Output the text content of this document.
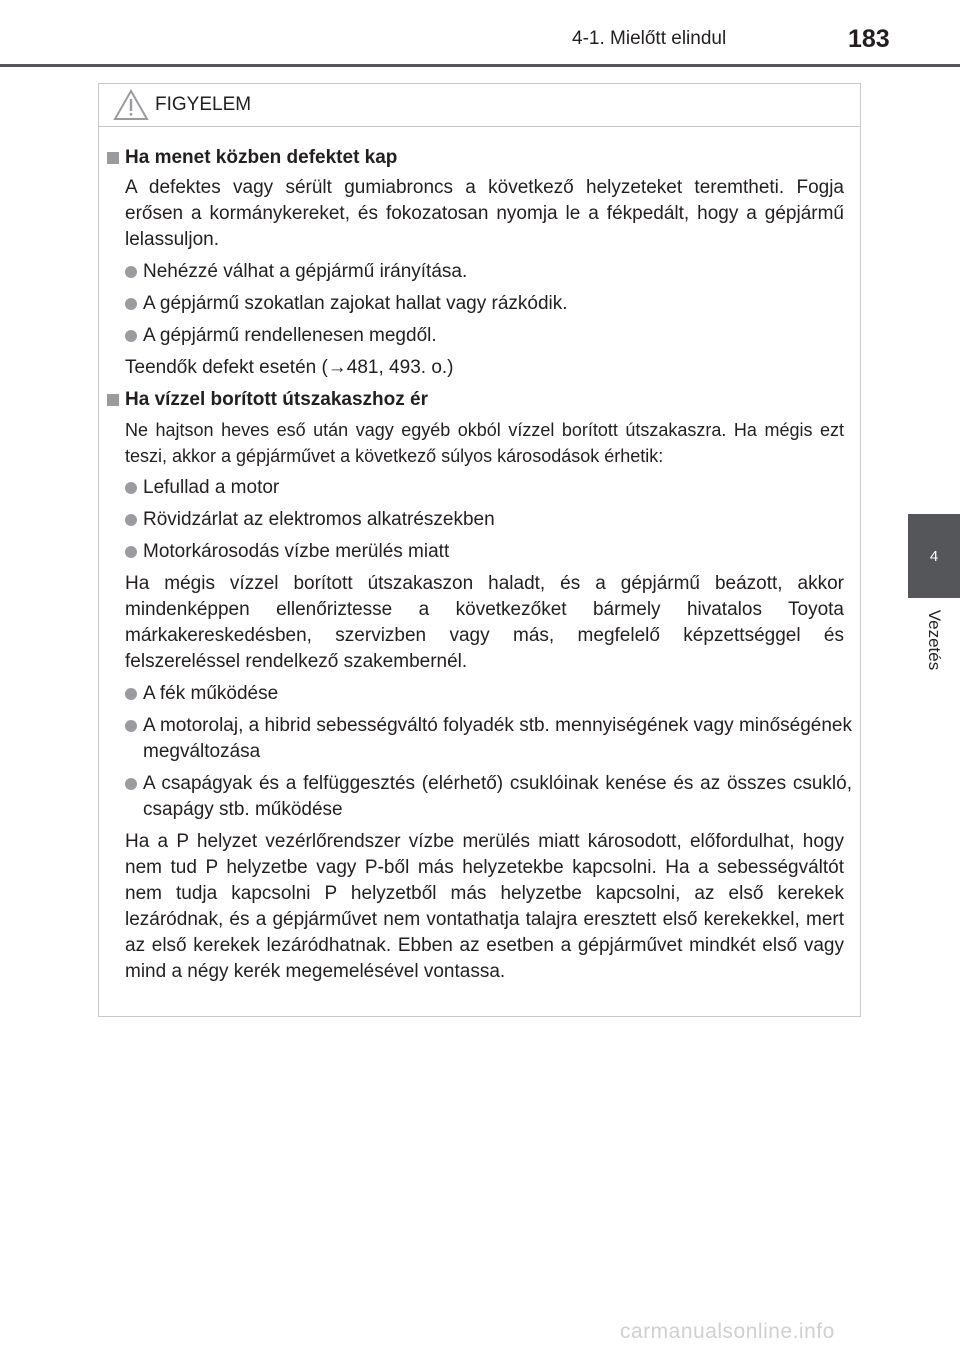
4-1. Mielőtt elindul	183
4
Vezetés
FIGYELEM
Ha menet közben defektet kap

A defektes vagy sérült gumiabroncs a következő helyzeteket teremtheti. Fogja erősen a kormánykereket, és fokozatosan nyomja le a fékpedált, hogy a gépjármű lelassuljon.

Nehézzé válhat a gépjármű irányítása.
A gépjármű szokatlan zajokat hallat vagy rázkódik.
A gépjármű rendellenesen megdől.

Teendők defekt esetén (→481, 493. o.)

Ha vízzel borított útszakaszhoz ér

Ne hajtson heves eső után vagy egyéb okból vízzel borított útszakaszra. Ha mégis ezt teszi, akkor a gépjárművet a következő súlyos károsodások érhetik:

Lefullad a motor
Rövidzárlat az elektromos alkatrészekben
Motorkárosodás vízbe merülés miatt

Ha mégis vízzel borított útszakaszon haladt, és a gépjármű beázott, akkor mindenképpen ellenőriztesse a következőket bármely hivatalos Toyota márkakereskedésben, szervizben vagy más, megfelelő képzettséggel és felszereléssel rendelkező szakembernél.

A fék működése
A motorolaj, a hibrid sebességváltó folyadék stb. mennyiségének vagy minőségének megváltozása
A csapágyak és a felfüggesztés (elérhető) csuklóinak kenése és az összes csukló, csapágy stb. működése

Ha a P helyzet vezérlőrendszer vízbe merülés miatt károsodott, előfordulhat, hogy nem tud P helyzetbe vagy P-ből más helyzetekbe kapcsolni. Ha a sebességváltót nem tudja kapcsolni P helyzetből más helyzetbe kapcsolni, az első kerekek lezáródnak, és a gépjárművet nem vontathatja talajra eresztett első kerekekkel, mert az első kerekek lezáródhatnak. Ebben az esetben a gépjárművet mindkét első vagy mind a négy kerék megemelésével vontassa.

carmanualsonline.info
